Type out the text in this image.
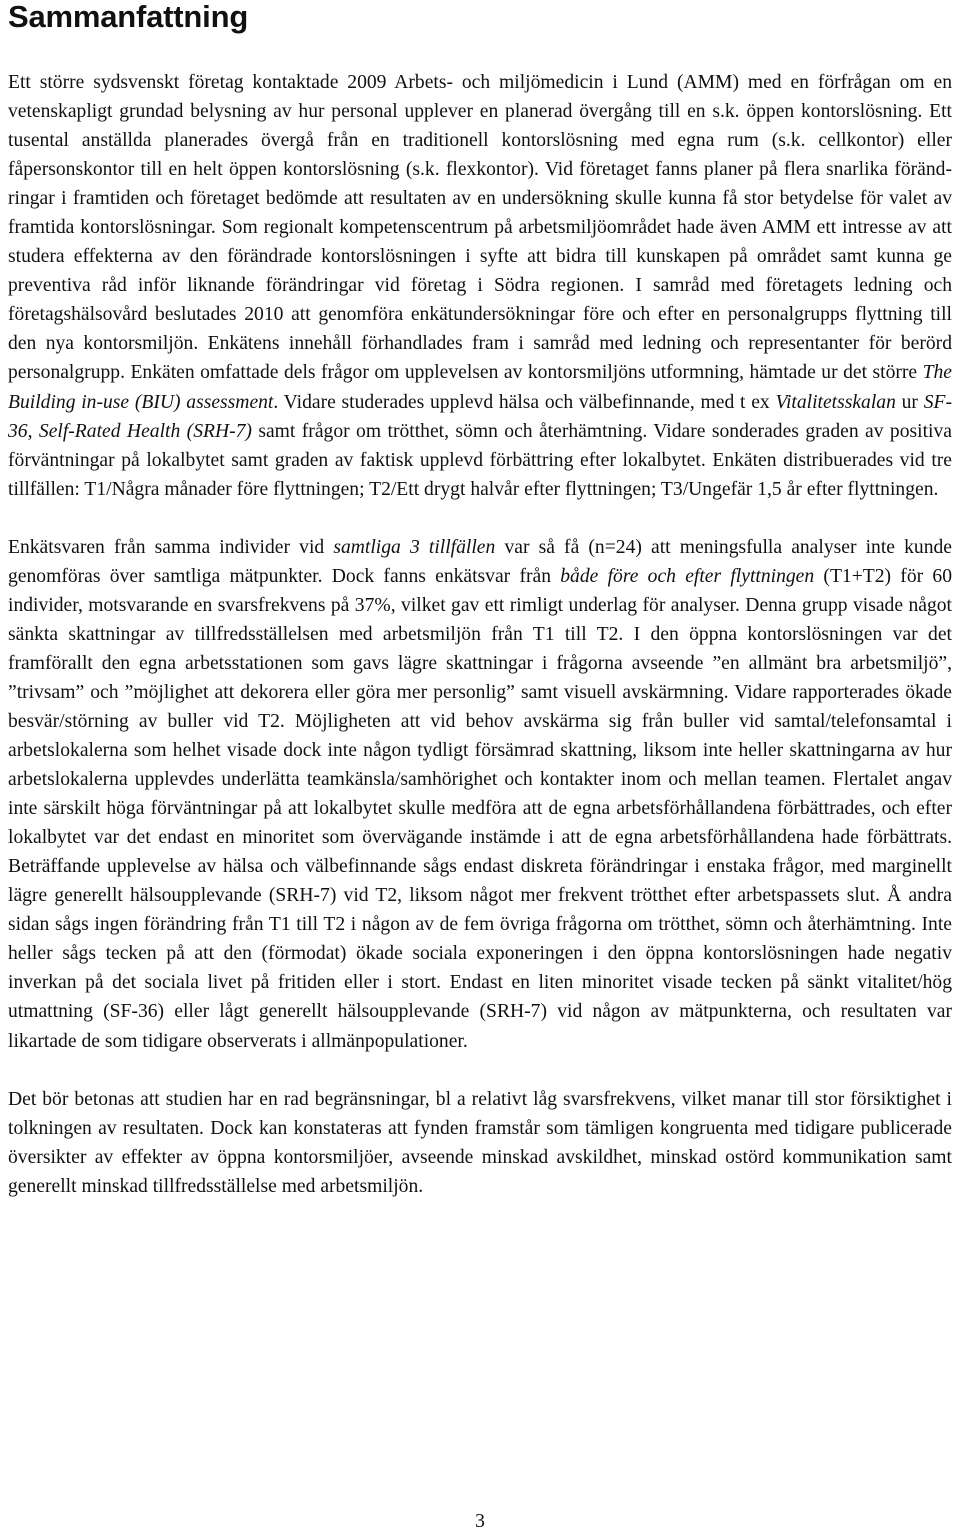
Sammanfattning

Ett större sydsvenskt företag kontaktade 2009 Arbets- och miljömedicin i Lund (AMM) med en förfrågan om en vetenskapligt grundad belysning av hur personal upplever en planerad övergång till en s.k. öppen kontorslösning. Ett tusental anställda planerades övergå från en traditionell kontorslösning med egna rum (s.k. cellkontor) eller fåpersonskontor till en helt öppen kontorslösning (s.k. flexkontor). Vid företaget fanns planer på flera snarlika förändringar i framtiden och företaget bedömde att resultaten av en undersökning skulle kunna få stor betydelse för valet av framtida kontorslösningar. Som regionalt kompetenscentrum på arbetsmiljöområdet hade även AMM ett intresse av att studera effekterna av den förändrade kontorslösningen i syfte att bidra till kunskapen på området samt kunna ge preventiva råd inför liknande förändringar vid företag i Södra regionen. I samråd med företagets ledning och företagshälsovård beslutades 2010 att genomföra enkätundersökningar före och efter en personalgrupps flyttning till den nya kontorsmiljön. Enkätens innehåll förhandlades fram i samråd med ledning och representanter för berörd personalgrupp. Enkäten omfattade dels frågor om upplevelsen av kontorsmiljöns utformning, hämtade ur det större The Building in-use (BIU) assessment. Vidare studerades upplevd hälsa och välbefinnande, med t ex Vitalitetsskalan ur SF-36, Self-Rated Health (SRH-7) samt frågor om trötthet, sömn och återhämtning. Vidare sonderades graden av positiva förväntningar på lokalbytet samt graden av faktisk upplevd förbättring efter lokalbytet. Enkäten distribuerades vid tre tillfällen: T1/Några månader före flyttningen; T2/Ett drygt halvår efter flyttningen; T3/Ungefär 1,5 år efter flyttningen.

Enkätsvaren från samma individer vid samtliga 3 tillfällen var så få (n=24) att meningsfulla analyser inte kunde genomföras över samtliga mätpunkter. Dock fanns enkätsvar från både före och efter flyttningen (T1+T2) för 60 individer, motsvarande en svarsfrekvens på 37%, vilket gav ett rimligt underlag för analyser. Denna grupp visade något sänkta skattningar av tillfredsställelsen med arbetsmiljön från T1 till T2. I den öppna kontorslösningen var det framförallt den egna arbetsstationen som gavs lägre skattningar i frågorna avseende ”en allmänt bra arbetsmiljö”, ”trivsam” och ”möjlighet att dekorera eller göra mer personlig” samt visuell avskärmning. Vidare rapporterades ökade besvär/störning av buller vid T2. Möjligheten att vid behov avskärma sig från buller vid samtal/telefonsamtal i arbetslokalerna som helhet visade dock inte någon tydligt försämrad skattning, liksom inte heller skattningarna av hur arbetslokalerna upplevdes underlätta teamkänsla/samhörighet och kontakter inom och mellan teamen. Flertalet angav inte särskilt höga förväntningar på att lokalbytet skulle medföra att de egna arbetsförhållandena förbättrades, och efter lokalbytet var det endast en minoritet som övervägande instämde i att de egna arbetsförhållandena hade förbättrats. Beträffande upplevelse av hälsa och välbefinnande sågs endast diskreta förändringar i enstaka frågor, med marginellt lägre generellt hälsoupplevande (SRH-7) vid T2, liksom något mer frekvent trötthet efter arbetspassets slut. Å andra sidan sågs ingen förändring från T1 till T2 i någon av de fem övriga frågorna om trötthet, sömn och återhämtning. Inte heller sågs tecken på att den (förmodat) ökade sociala exponeringen i den öppna kontorslösningen hade negativ inverkan på det sociala livet på fritiden eller i stort. Endast en liten minoritet visade tecken på sänkt vitalitet/hög utmattning (SF-36) eller lågt generellt hälsoupplevande (SRH-7) vid någon av mätpunkterna, och resultaten var likartade de som tidigare observerats i allmänpopulationer.

Det bör betonas att studien har en rad begränsningar, bl a relativt låg svarsfrekvens, vilket manar till stor försiktighet i tolkningen av resultaten. Dock kan konstateras att fynden framstår som tämligen kongruenta med tidigare publicerade översikter av effekter av öppna kontorsmiljöer, avseende minskad avskildhet, minskad ostörd kommunikation samt generellt minskad tillfredsställelse med arbetsmiljön.

3
